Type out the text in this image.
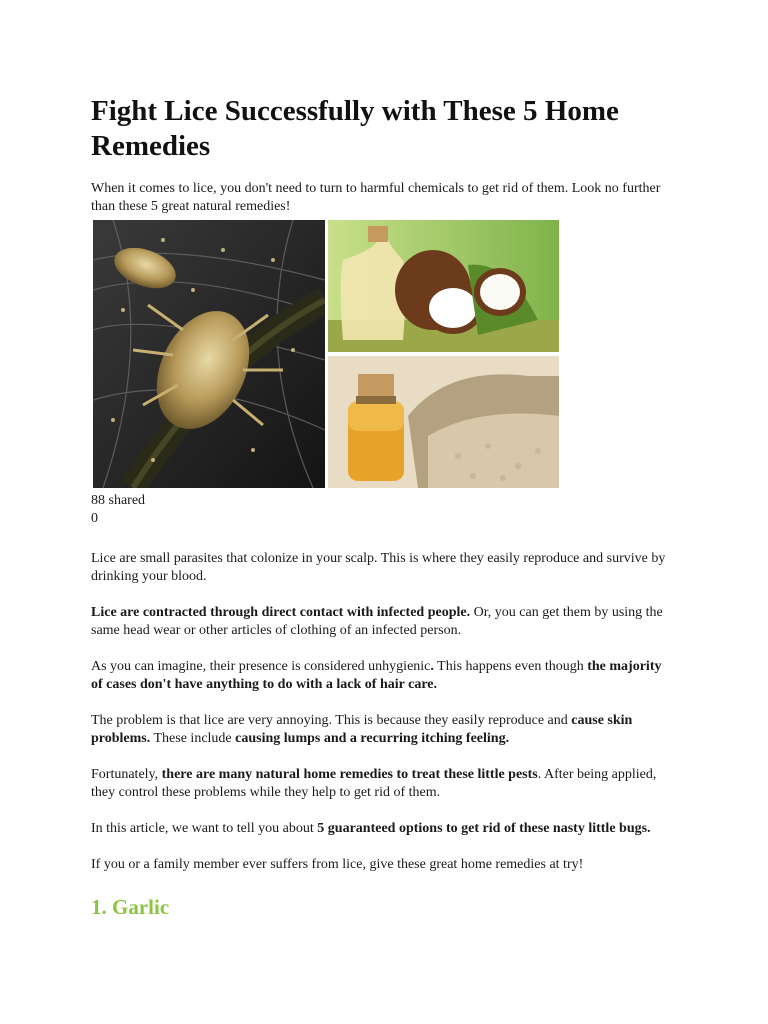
Fight Lice Successfully with These 5 Home Remedies

When it comes to lice, you don't need to turn to harmful chemicals to get rid of them. Look no further than these 5 great natural remedies!

88 shared

0

Lice are small parasites that colonize in your scalp. This is where they easily reproduce and survive by drinking your blood.

Lice are contracted through direct contact with infected people. Or, you can get them by using the same head wear or other articles of clothing of an infected person.

As you can imagine, their presence is considered unhygienic. This happens even though the majority of cases don't have anything to do with a lack of hair care.

The problem is that lice are very annoying. This is because they easily reproduce and cause skin problems. These include causing lumps and a recurring itching feeling.

Fortunately, there are many natural home remedies to treat these little pests. After being applied, they control these problems while they help to get rid of them.

In this article, we want to tell you about 5 guaranteed options to get rid of these nasty little bugs.

If you or a family member ever suffers from lice, give these great home remedies at try!

1. Garlic
